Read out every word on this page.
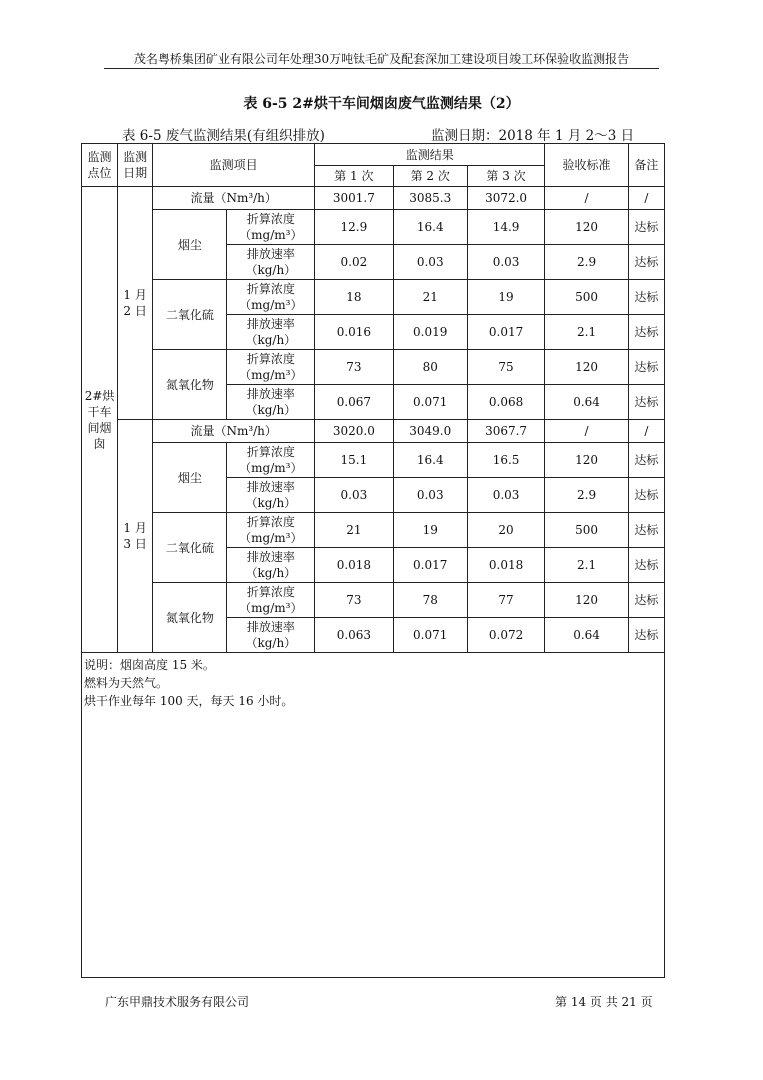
茂名粤桥集团矿业有限公司年处理30万吨钛毛矿及配套深加工建设项目竣工环保验收监测报告
表 6-5 2#烘干车间烟囱废气监测结果（2）
表 6-5 废气监测结果(有组织排放)	监测日期：2018 年 1 月 2～3 日
监测点位	监测日期	监测项目		监测结果			验收标准	备注
				第 1 次	第 2 次	第 3 次		
2#烘干车间烟囱	1 月 2 日	流量（Nm³/h）		3001.7	3085.3	3072.0	/	/
		烟尘	折算浓度（mg/m³）	12.9	16.4	14.9	120	达标
			排放速率（kg/h）	0.02	0.03	0.03	2.9	达标
		二氧化硫	折算浓度（mg/m³）	18	21	19	500	达标
			排放速率（kg/h）	0.016	0.019	0.017	2.1	达标
		氮氧化物	折算浓度（mg/m³）	73	80	75	120	达标
			排放速率（kg/h）	0.067	0.071	0.068	0.64	达标
	1 月 3 日	流量（Nm³/h）		3020.0	3049.0	3067.7	/	/
		烟尘	折算浓度（mg/m³）	15.1	16.4	16.5	120	达标
			排放速率（kg/h）	0.03	0.03	0.03	2.9	达标
		二氧化硫	折算浓度（mg/m³）	21	19	20	500	达标
			排放速率（kg/h）	0.018	0.017	0.018	2.1	达标
		氮氧化物	折算浓度（mg/m³）	73	78	77	120	达标
			排放速率（kg/h）	0.063	0.071	0.072	0.64	达标

说明：烟囱高度 15 米。
燃料为天然气。
烘干作业每年 100 天，每天 16 小时。								
广东甲鼎技术服务有限公司	第 14 页 共 21 页
